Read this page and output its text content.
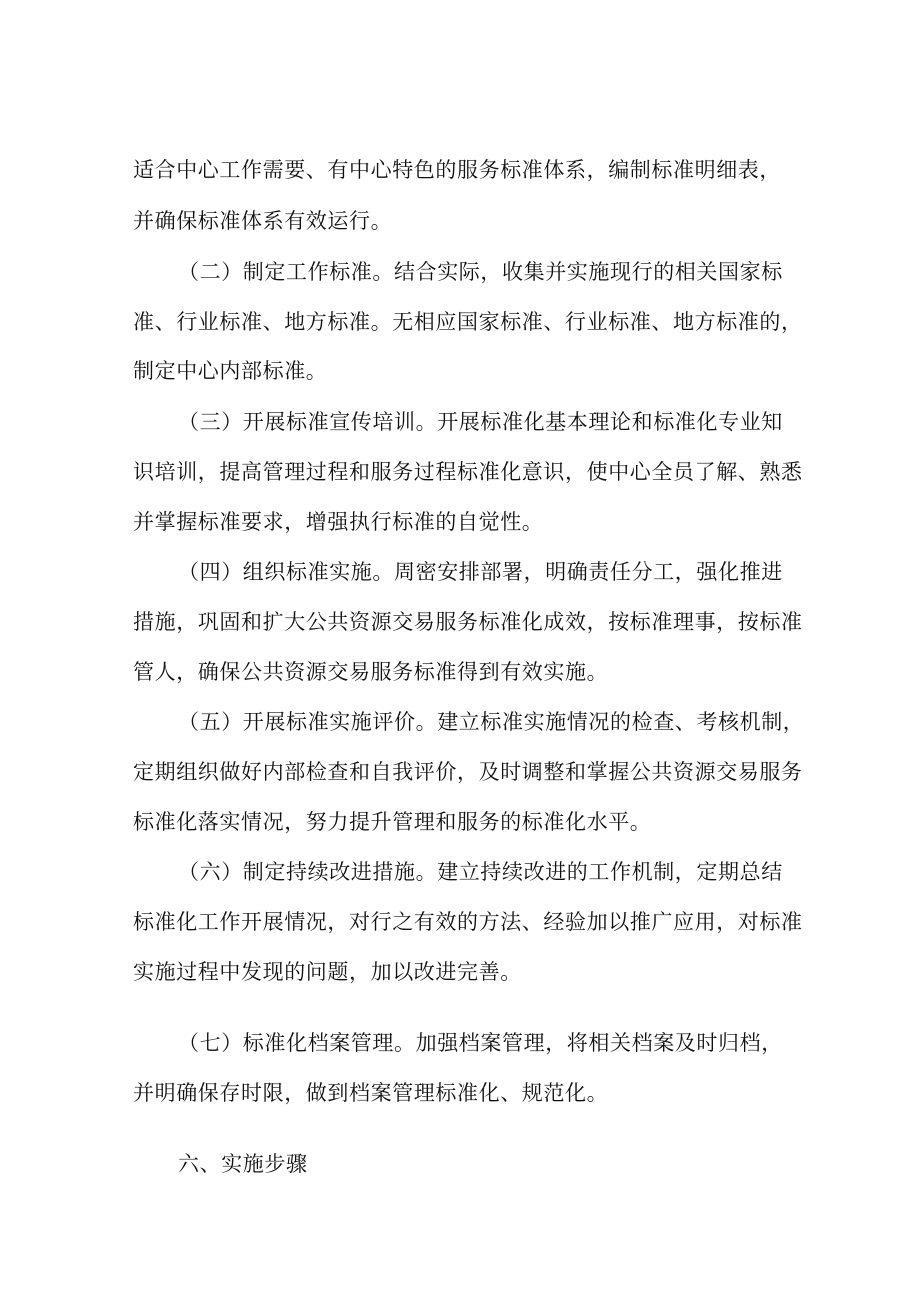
适合中心工作需要、有中心特色的服务标准体系，编制标准明细表，
并确保标准体系有效运行。
（二）制定工作标准。结合实际，收集并实施现行的相关国家标
准、行业标准、地方标准。无相应国家标准、行业标准、地方标准的，
制定中心内部标准。
（三）开展标准宣传培训。开展标准化基本理论和标准化专业知
识培训，提高管理过程和服务过程标准化意识，使中心全员了解、熟悉
并掌握标准要求，增强执行标准的自觉性。
（四）组织标准实施。周密安排部署，明确责任分工，强化推进
措施，巩固和扩大公共资源交易服务标准化成效，按标准理事，按标准
管人，确保公共资源交易服务标准得到有效实施。
（五）开展标准实施评价。建立标准实施情况的检查、考核机制，
定期组织做好内部检查和自我评价，及时调整和掌握公共资源交易服务
标准化落实情况，努力提升管理和服务的标准化水平。
（六）制定持续改进措施。建立持续改进的工作机制，定期总结
标准化工作开展情况，对行之有效的方法、经验加以推广应用，对标准
实施过程中发现的问题，加以改进完善。
（七）标准化档案管理。加强档案管理，将相关档案及时归档，
并明确保存时限，做到档案管理标准化、规范化。
六、实施步骤
